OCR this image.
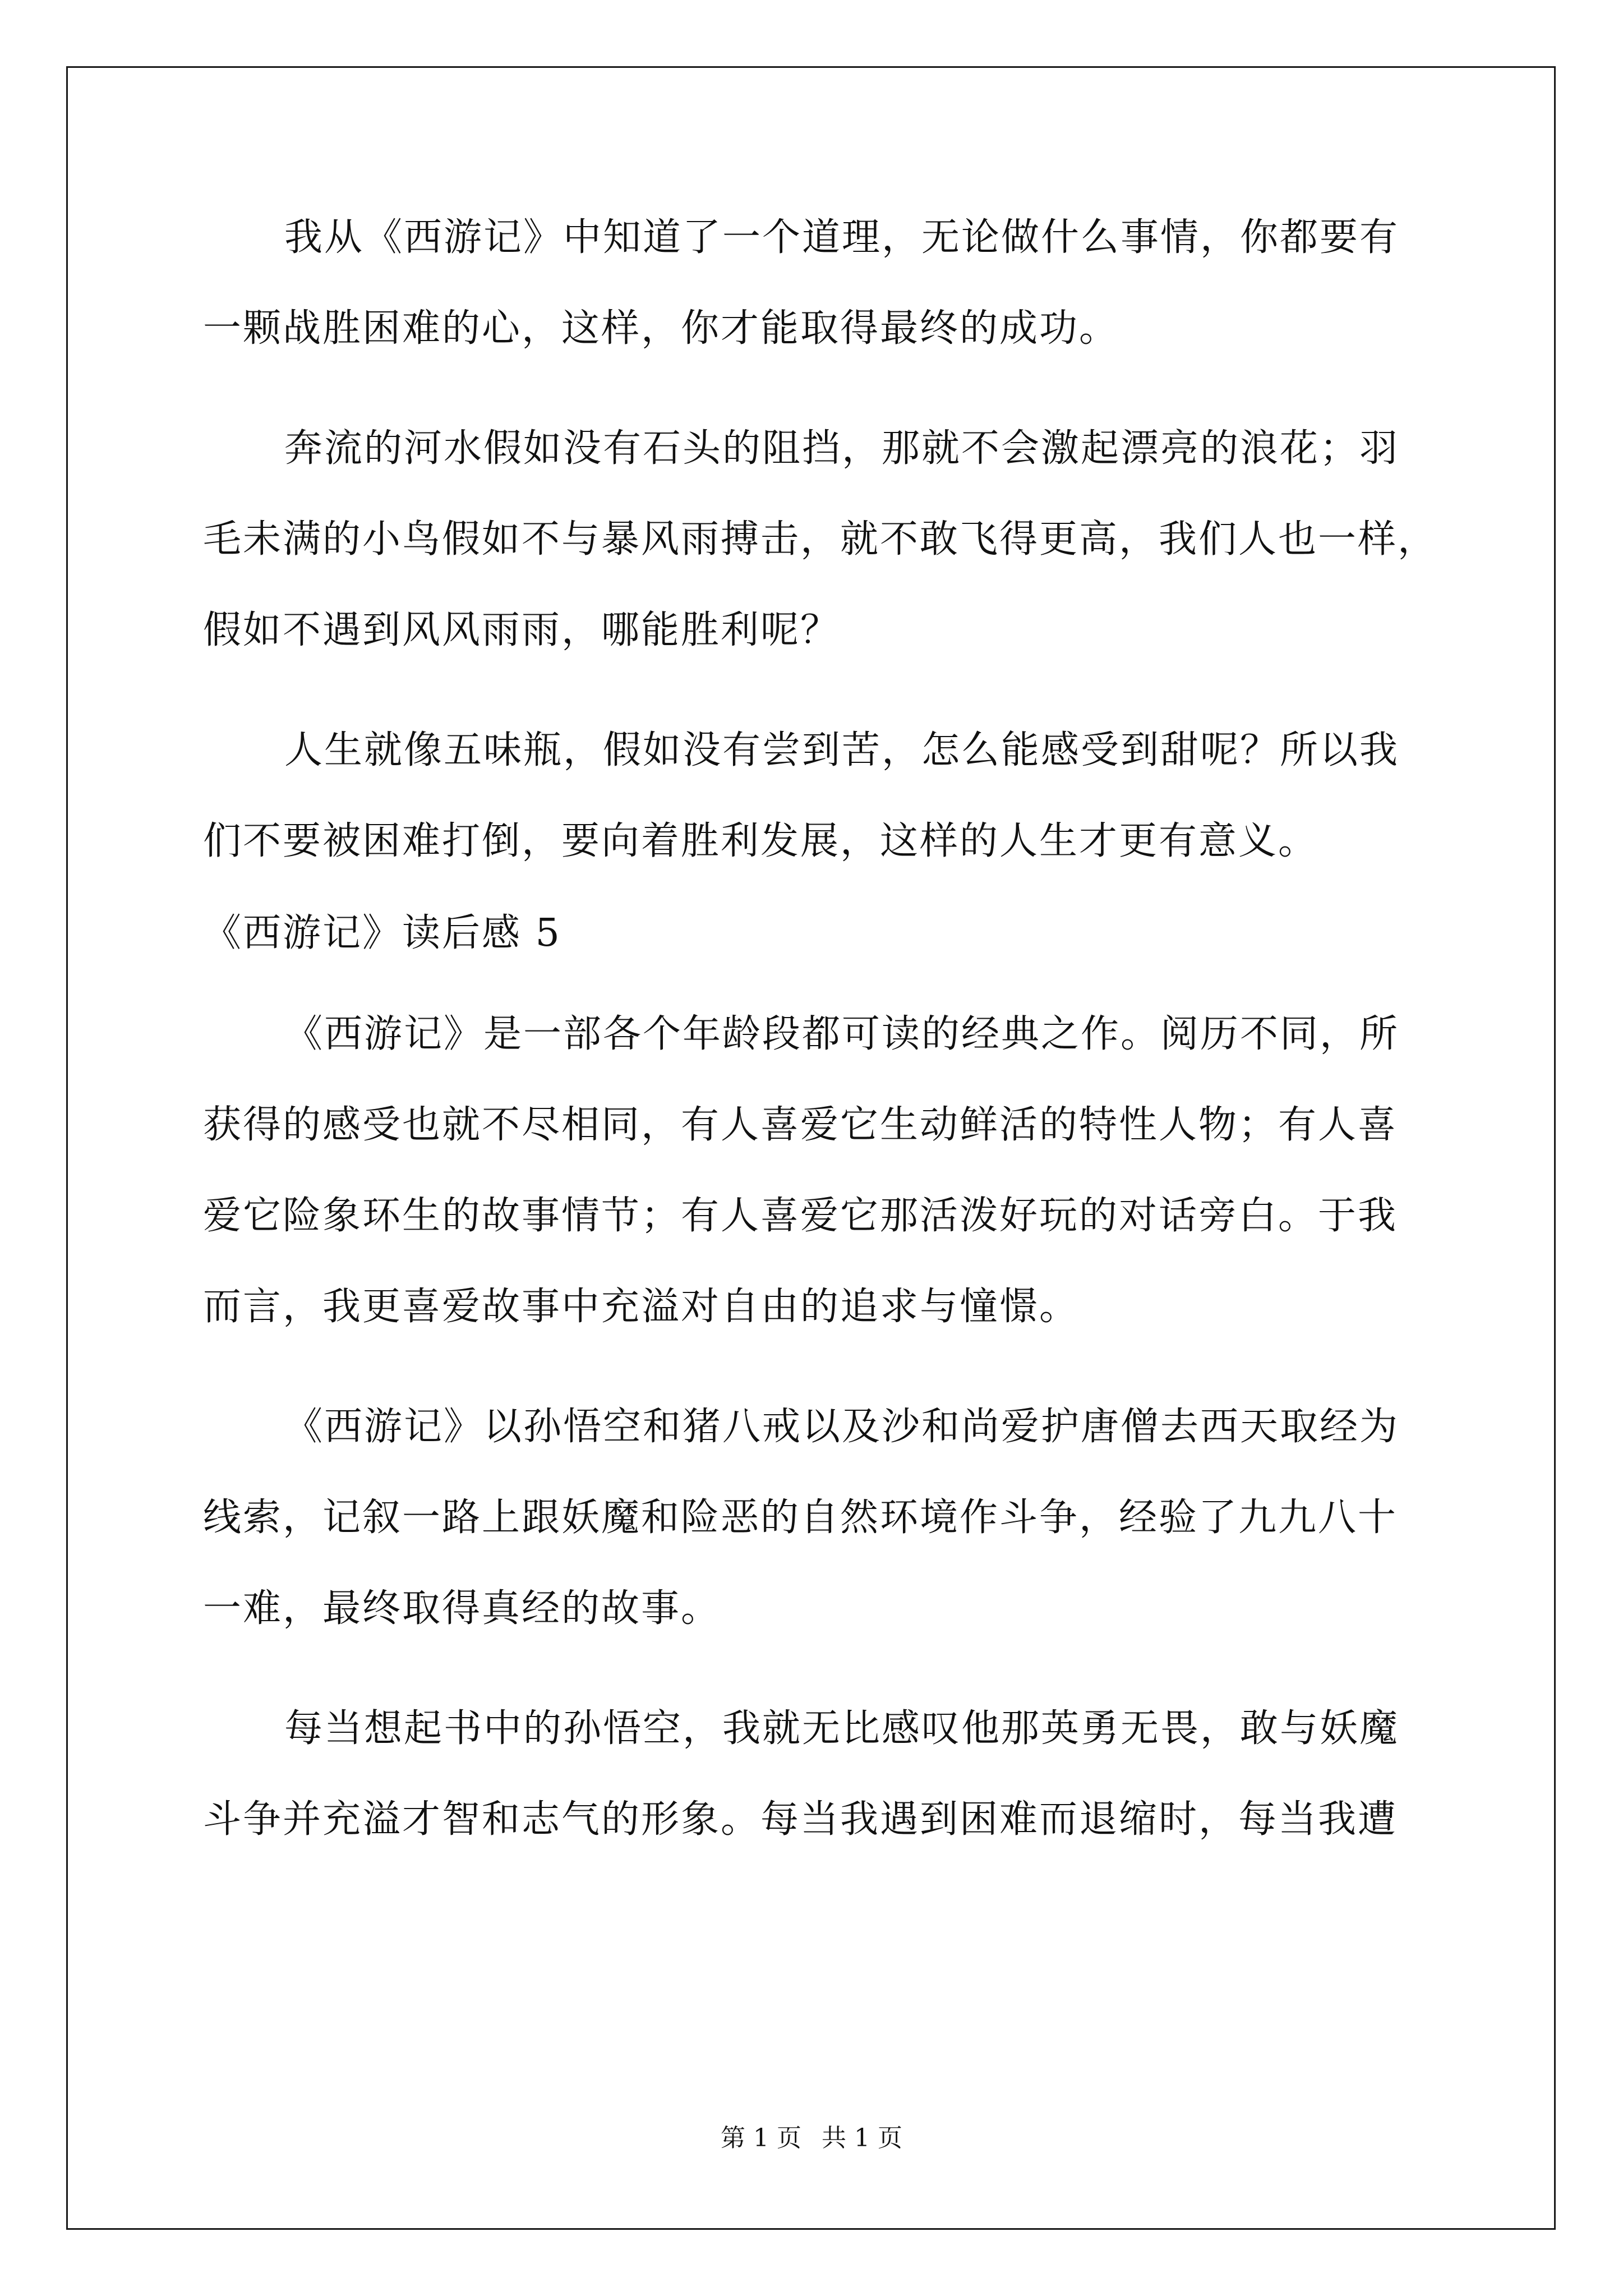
我从《西游记》中知道了一个道理，无论做什么事情，你都要有
一颗战胜困难的心，这样，你才能取得最终的成功。
奔流的河水假如没有石头的阻挡，那就不会激起漂亮的浪花；羽
毛未满的小鸟假如不与暴风雨搏击，就不敢飞得更高，我们人也一样，
假如不遇到风风雨雨，哪能胜利呢？
人生就像五味瓶，假如没有尝到苦，怎么能感受到甜呢？所以我
们不要被困难打倒，要向着胜利发展，这样的人生才更有意义。
《西游记》读后感 5
《西游记》是一部各个年龄段都可读的经典之作。阅历不同，所
获得的感受也就不尽相同，有人喜爱它生动鲜活的特性人物；有人喜
爱它险象环生的故事情节；有人喜爱它那活泼好玩的对话旁白。于我
而言，我更喜爱故事中充溢对自由的追求与憧憬。
《西游记》以孙悟空和猪八戒以及沙和尚爱护唐僧去西天取经为
线索，记叙一路上跟妖魔和险恶的自然环境作斗争，经验了九九八十
一难，最终取得真经的故事。
每当想起书中的孙悟空，我就无比感叹他那英勇无畏，敢与妖魔
斗争并充溢才智和志气的形象。每当我遇到困难而退缩时，每当我遭
第 1 页 共 1 页
